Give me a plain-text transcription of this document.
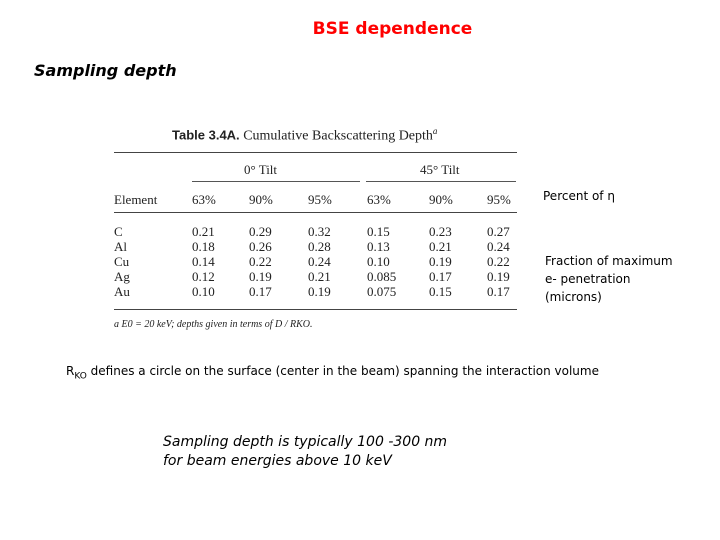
BSE dependence
Sampling depth
Table 3.4A. Cumulative Backscattering Depth$^a$
0° Tilt	45° Tilt
Element	63%	90%	95%	63%	90%	95%
C	0.21	0.29	0.32	0.15	0.23	0.27
Al	0.18	0.26	0.28	0.13	0.21	0.24
Cu	0.14	0.22	0.24	0.10	0.19	0.22
Ag	0.12	0.19	0.21	0.085	0.17	0.19
Au	0.10	0.17	0.19	0.075	0.15	0.17
a E0 = 20 keV; depths given in terms of D / RKO.
Percent of η
Fraction of maximum
e- penetration
(microns)
$R_{KO}$ defines a circle on the surface (center in the beam) spanning the interaction volume
Sampling depth is typically 100 -300 nm
for beam energies above 10 keV
